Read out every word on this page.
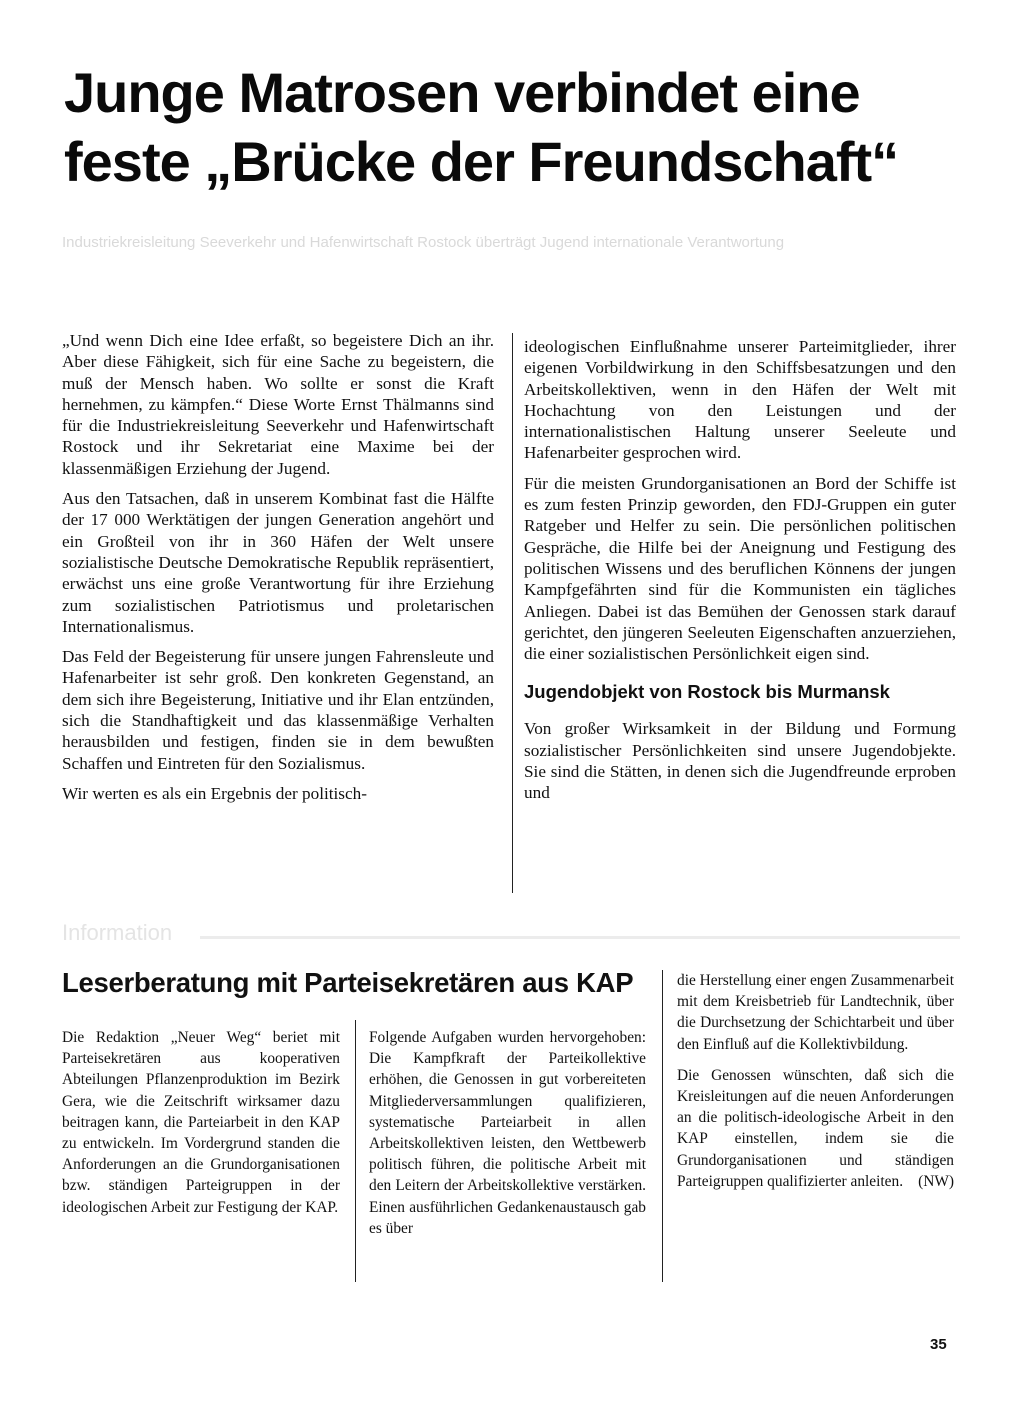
Junge Matrosen verbindet eine
feste „Brücke der Freundschaft“
Industriekreisleitung Seeverkehr und Hafenwirtschaft Rostock überträgt Jugend internationale Verantwortung

„Und wenn Dich eine Idee erfaßt, so begeistere Dich an ihr. Aber diese Fähigkeit, sich für eine Sache zu begeistern, die muß der Mensch haben. Wo sollte er sonst die Kraft hernehmen, zu kämpfen.“ Diese Worte Ernst Thälmanns sind für die Industriekreisleitung Seeverkehr und Hafenwirtschaft Rostock und ihr Sekretariat eine Maxime bei der klassenmäßigen Erziehung der Jugend.

Aus den Tatsachen, daß in unserem Kombinat fast die Hälfte der 17 000 Werktätigen der jungen Generation angehört und ein Großteil von ihr in 360 Häfen der Welt unsere sozialistische Deutsche Demokratische Republik repräsentiert, erwächst uns eine große Verantwortung für ihre Erziehung zum sozialistischen Patriotismus und proletarischen Internationalismus.

Das Feld der Begeisterung für unsere jungen Fahrensleute und Hafenarbeiter ist sehr groß. Den konkreten Gegenstand, an dem sich ihre Begeisterung, Initiative und ihr Elan entzünden, sich die Standhaftigkeit und das klassenmäßige Verhalten herausbilden und festigen, finden sie in dem bewußten Schaffen und Eintreten für den Sozialismus.

Wir werten es als ein Ergebnis der politisch-

ideologischen Einflußnahme unserer Parteimitglieder, ihrer eigenen Vorbildwirkung in den Schiffsbesatzungen und den Arbeitskollektiven, wenn in den Häfen der Welt mit Hochachtung von den Leistungen und der internationalistischen Haltung unserer Seeleute und Hafenarbeiter gesprochen wird.

Für die meisten Grundorganisationen an Bord der Schiffe ist es zum festen Prinzip geworden, den FDJ-Gruppen ein guter Ratgeber und Helfer zu sein. Die persönlichen politischen Gespräche, die Hilfe bei der Aneignung und Festigung des politischen Wissens und des beruflichen Könnens der jungen Kampfgefährten sind für die Kommunisten ein tägliches Anliegen. Dabei ist das Bemühen der Genossen stark darauf gerichtet, den jüngeren Seeleuten Eigenschaften anzuerziehen, die einer sozialistischen Persönlichkeit eigen sind.

Jugendobjekt von Rostock bis Murmansk

Von großer Wirksamkeit in der Bildung und Formung sozialistischer Persönlichkeiten sind unsere Jugendobjekte. Sie sind die Stätten, in denen sich die Jugendfreunde erproben und

Information
Leserberatung mit Parteisekretären aus KAP

Die Redaktion „Neuer Weg“ beriet mit Parteisekretären aus kooperativen Abteilungen Pflanzenproduktion im Bezirk Gera, wie die Zeitschrift wirksamer dazu beitragen kann, die Parteiarbeit in den KAP zu entwickeln. Im Vordergrund standen die Anforderungen an die Grundorganisationen bzw. ständigen Parteigruppen in der ideologischen Arbeit zur Festigung der KAP.

Folgende Aufgaben wurden hervorgehoben: Die Kampfkraft der Parteikollektive erhöhen, die Genossen in gut vorbereiteten Mitgliederversammlungen qualifizieren, systematische Parteiarbeit in allen Arbeitskollektiven leisten, den Wettbewerb politisch führen, die politische Arbeit mit den Leitern der Arbeitskollektive verstärken. Einen ausführlichen Gedankenaustausch gab es über

die Herstellung einer engen Zusammenarbeit mit dem Kreisbetrieb für Landtechnik, über die Durchsetzung der Schichtarbeit und über den Einfluß auf die Kollektivbildung.

Die Genossen wünschten, daß sich die Kreisleitungen auf die neuen Anforderungen an die politisch-ideologische Arbeit in den KAP einstellen, indem sie die Grundorganisationen und ständigen Parteigruppen qualifizierter anleiten. (NW)

35
